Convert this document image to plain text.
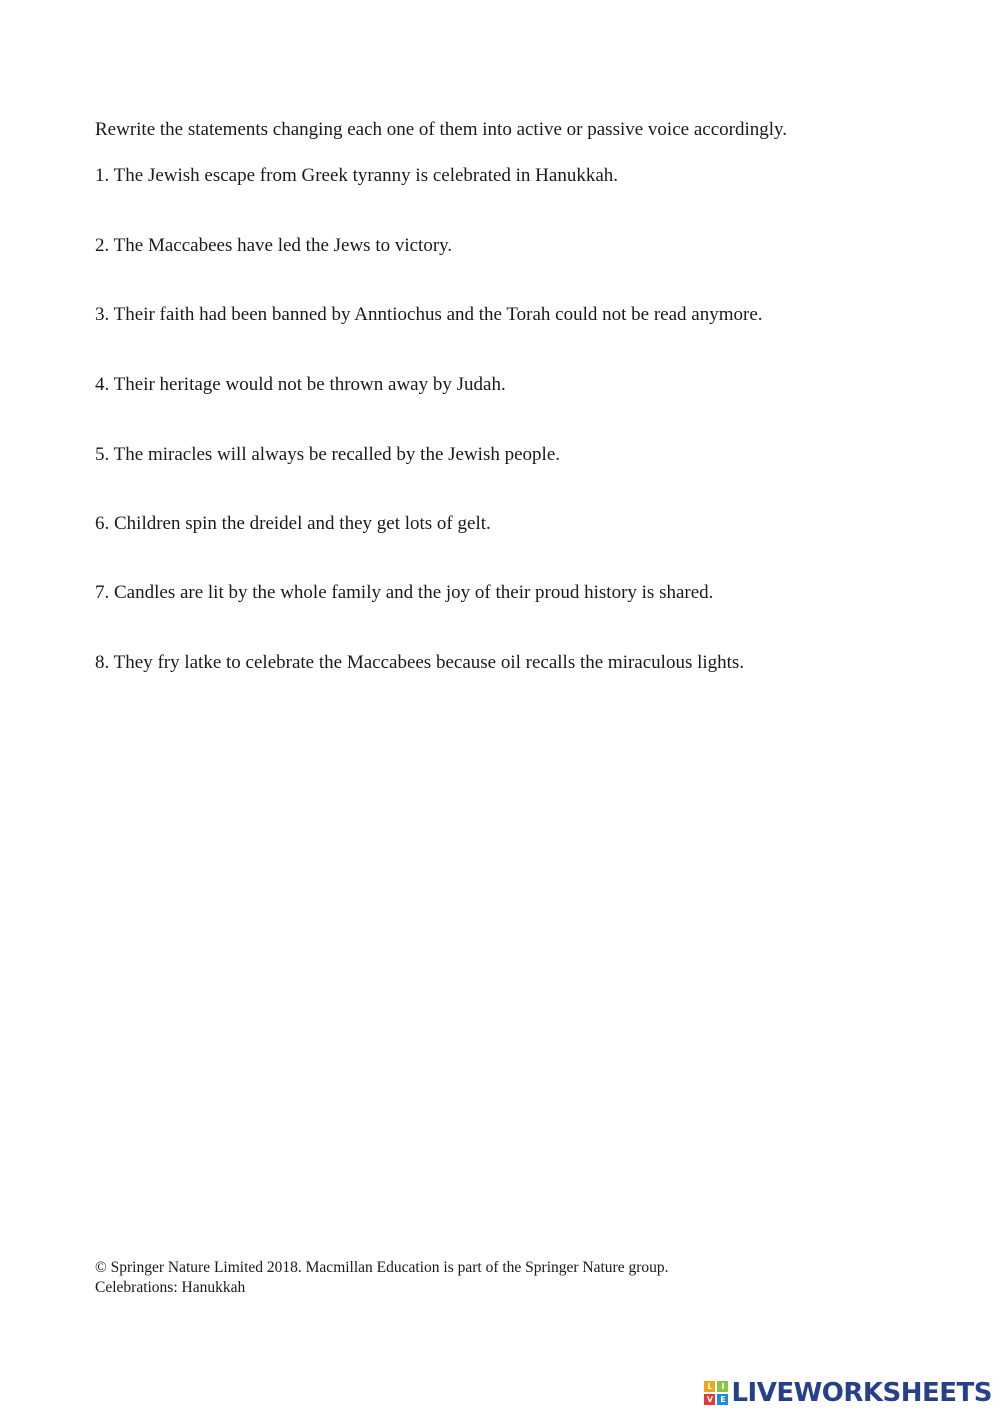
Rewrite the statements changing each one of them into active or passive voice accordingly.
1. The Jewish escape from Greek tyranny is celebrated in Hanukkah.
2. The Maccabees have led the Jews to victory.
3. Their faith had been banned by Anntiochus and the Torah could not be read anymore.
4. Their heritage would not be thrown away by Judah.
5. The miracles will always be recalled by the Jewish people.
6. Children spin the dreidel and they get lots of gelt.
7. Candles are lit by the whole family and the joy of their proud history is shared.
8. They fry latke to celebrate the Maccabees because oil recalls the miraculous lights.
© Springer Nature Limited 2018. Macmillan Education is part of the Springer Nature group.
Celebrations: Hanukkah
L	I
V E LIVEWORKSHEETS
